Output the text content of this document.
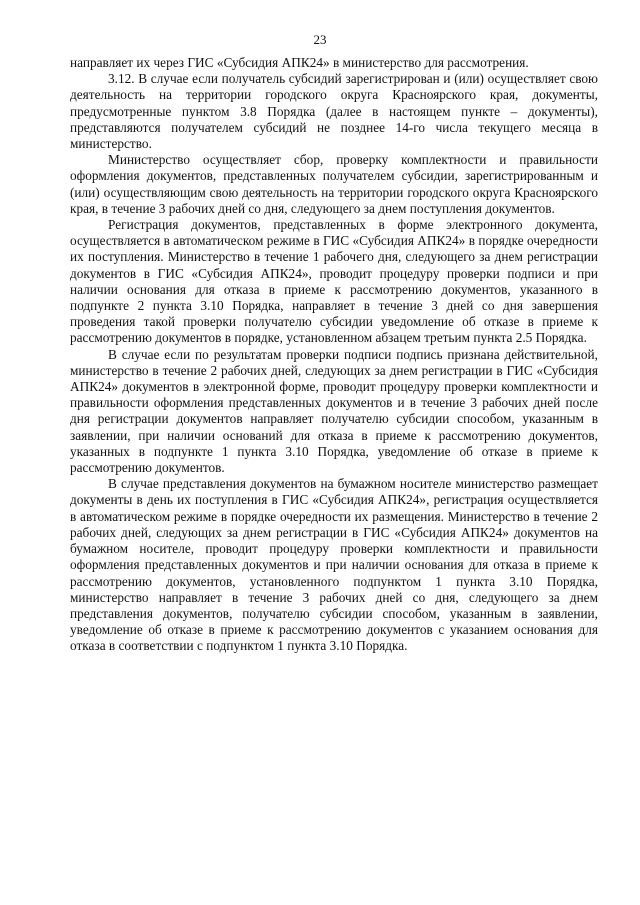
23

направляет их через ГИС «Субсидия АПК24» в министерство для рассмотрения.

3.12. В случае если получатель субсидий зарегистрирован и (или) осуществляет свою деятельность на территории городского округа Красноярского края, документы, предусмотренные пунктом 3.8 Порядка (далее в настоящем пункте – документы), представляются получателем субсидий не позднее 14-го числа текущего месяца в министерство.

Министерство осуществляет сбор, проверку комплектности и правильности оформления документов, представленных получателем субсидии, зарегистрированным и (или) осуществляющим свою деятельность на территории городского округа Красноярского края, в течение 3 рабочих дней со дня, следующего за днем поступления документов.

Регистрация документов, представленных в форме электронного документа, осуществляется в автоматическом режиме в ГИС «Субсидия АПК24» в порядке очередности их поступления. Министерство в течение 1 рабочего дня, следующего за днем регистрации документов в ГИС «Субсидия АПК24», проводит процедуру проверки подписи и при наличии основания для отказа в приеме к рассмотрению документов, указанного в подпункте 2 пункта 3.10 Порядка, направляет в течение 3 дней со дня завершения проведения такой проверки получателю субсидии уведомление об отказе в приеме к рассмотрению документов в порядке, установленном абзацем третьим пункта 2.5 Порядка.

В случае если по результатам проверки подписи подпись признана действительной, министерство в течение 2 рабочих дней, следующих за днем регистрации в ГИС «Субсидия АПК24» документов в электронной форме, проводит процедуру проверки комплектности и правильности оформления представленных документов и в течение 3 рабочих дней после дня регистрации документов направляет получателю субсидии способом, указанным в заявлении, при наличии оснований для отказа в приеме к рассмотрению документов, указанных в подпункте 1 пункта 3.10 Порядка, уведомление об отказе в приеме к рассмотрению документов.

В случае представления документов на бумажном носителе министерство размещает документы в день их поступления в ГИС «Субсидия АПК24», регистрация осуществляется в автоматическом режиме в порядке очередности их размещения. Министерство в течение 2 рабочих дней, следующих за днем регистрации в ГИС «Субсидия АПК24» документов на бумажном носителе, проводит процедуру проверки комплектности и правильности оформления представленных документов и при наличии основания для отказа в приеме к рассмотрению документов, установленного подпунктом 1 пункта 3.10 Порядка, министерство направляет в течение 3 рабочих дней со дня, следующего за днем представления документов, получателю субсидии способом, указанным в заявлении, уведомление об отказе в приеме к рассмотрению документов с указанием основания для отказа в соответствии с подпунктом 1 пункта 3.10 Порядка.
